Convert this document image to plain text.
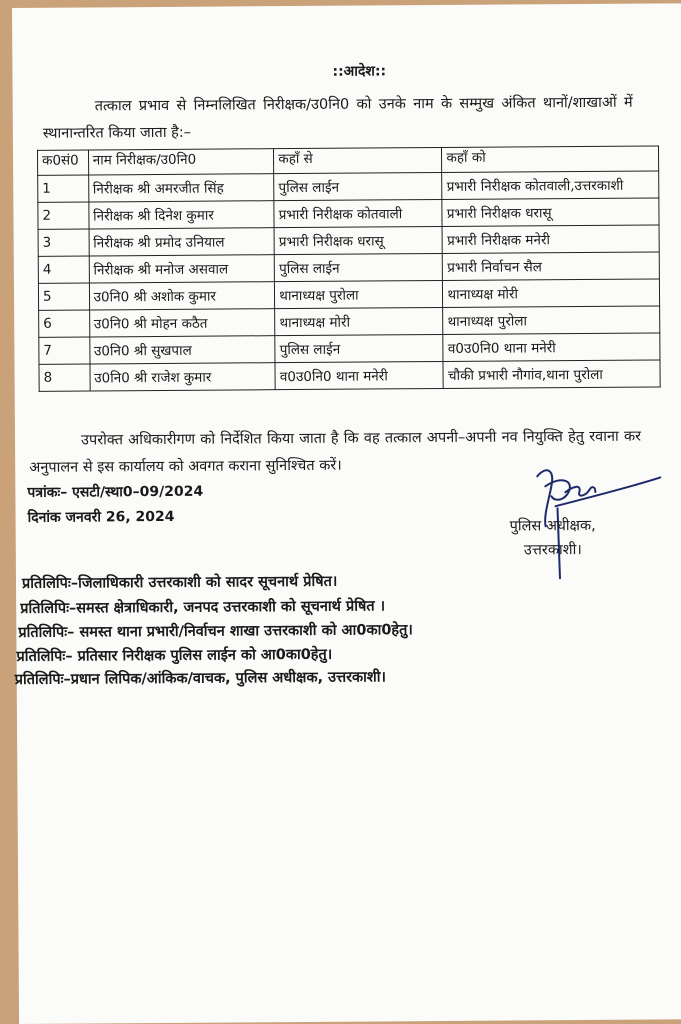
::आदेश::
तत्काल प्रभाव से निम्नलिखित निरीक्षक/उ0नि0 को उनके नाम के सम्मुख अंकित थानों/शाखाओं में स्थानान्तरित किया जाता है:–
क0सं0	नाम निरीक्षक/उ0नि0	कहाँ से	कहाँ को
1	निरीक्षक श्री अमरजीत सिंह	पुलिस लाईन	प्रभारी निरीक्षक कोतवाली,उत्तरकाशी
2	निरीक्षक श्री दिनेश कुमार	प्रभारी निरीक्षक कोतवाली	प्रभारी निरीक्षक धरासू
3	निरीक्षक श्री प्रमोद उनियाल	प्रभारी निरीक्षक धरासू	प्रभारी निरीक्षक मनेरी
4	निरीक्षक श्री मनोज असवाल	पुलिस लाईन	प्रभारी निर्वाचन सैल
5	उ0नि0 श्री अशोक कुमार	थानाध्यक्ष पुरोला	थानाध्यक्ष मोरी
6	उ0नि0 श्री मोहन कठैत	थानाध्यक्ष मोरी	थानाध्यक्ष पुरोला
7	उ0नि0 श्री सुखपाल	पुलिस लाईन	व0उ0नि0 थाना मनेरी
8	उ0नि0 श्री राजेश कुमार	व0उ0नि0 थाना मनेरी	चौकी प्रभारी नौगांव,थाना पुरोला
उपरोक्त अधिकारीगण को निर्देशित किया जाता है कि वह तत्काल अपनी–अपनी नव नियुक्ति हेतु रवाना कर अनुपालन से इस कार्यालय को अवगत कराना सुनिश्चित करें।
पत्रांकः– एसटी/स्था0–09/2024
दिनांक जनवरी 26, 2024
पुलिस अधीक्षक,
उत्तरकाशी।
प्रतिलिपिः–जिलाधिकारी उत्तरकाशी को सादर सूचनार्थ प्रेषित।
प्रतिलिपिः–समस्त क्षेत्राधिकारी, जनपद उत्तरकाशी को सूचनार्थ प्रेषित ।
प्रतिलिपिः– समस्त थाना प्रभारी/निर्वाचन शाखा उत्तरकाशी को आ0का0हेतु।
प्रतिलिपिः– प्रतिसार निरीक्षक पुलिस लाईन को आ0का0हेतु।
प्रतिलिपिः–प्रधान लिपिक/आंकिक/वाचक, पुलिस अधीक्षक, उत्तरकाशी।
